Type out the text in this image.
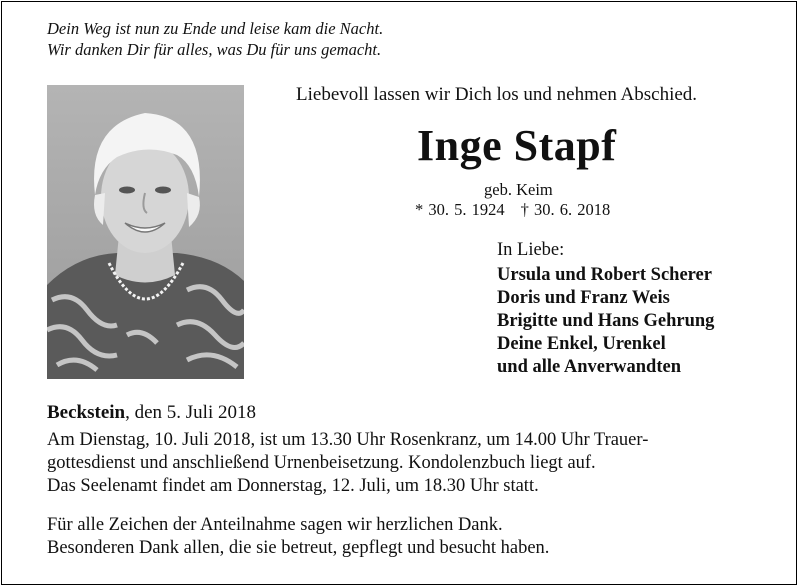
Dein Weg ist nun zu Ende und leise kam die Nacht.
Wir danken Dir für alles, was Du für uns gemacht.
Liebevoll lassen wir Dich los und nehmen Abschied.
Inge Stapf
geb. Keim
* 30. 5. 1924 † 30. 6. 2018
In Liebe:
Ursula und Robert Scherer
Doris und Franz Weis
Brigitte und Hans Gehrung
Deine Enkel, Urenkel
und alle Anverwandten
Beckstein, den 5. Juli 2018
Am Dienstag, 10. Juli 2018, ist um 13.30 Uhr Rosenkranz, um 14.00 Uhr Trauer-
gottesdienst und anschließend Urnenbeisetzung. Kondolenzbuch liegt auf.
Das Seelenamt findet am Donnerstag, 12. Juli, um 18.30 Uhr statt.
Für alle Zeichen der Anteilnahme sagen wir herzlichen Dank.
Besonderen Dank allen, die sie betreut, gepflegt und besucht haben.
